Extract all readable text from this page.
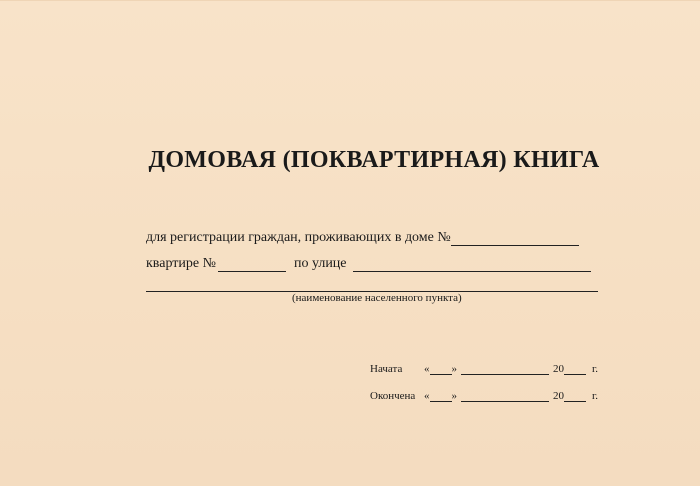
ДОМОВАЯ (ПОКВАРТИРНАЯ) КНИГА
для регистрации граждан, проживающих в доме №
квартире №	по улице
(наименование населенного пункта)
Начата	« »	20	г.
Окончена « »	20	г.
